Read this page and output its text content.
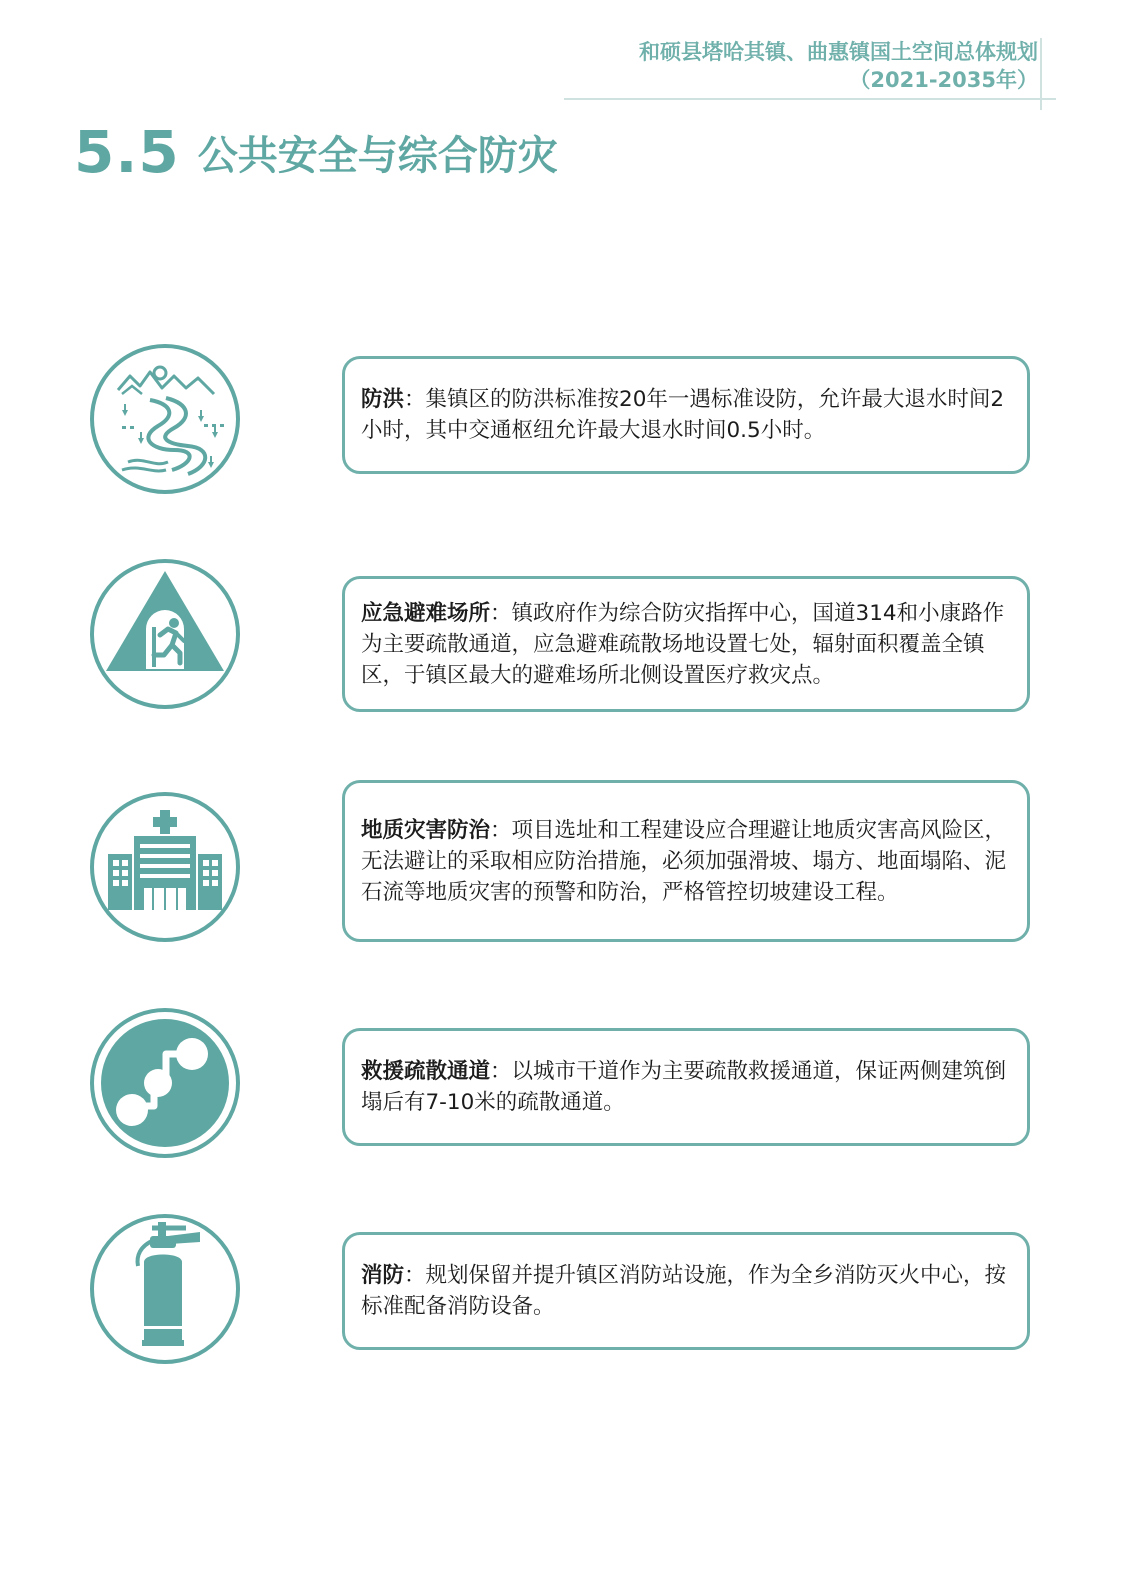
和硕县塔哈其镇、曲惠镇国土空间总体规划
（2021-2035年）
5.5 公共安全与综合防灾

防洪：集镇区的防洪标准按20年一遇标准设防，允许最大退水时间2小时，其中交通枢纽允许最大退水时间0.5小时。

应急避难场所：镇政府作为综合防灾指挥中心，国道314和小康路作为主要疏散通道，应急避难疏散场地设置七处，辐射面积覆盖全镇区，于镇区最大的避难场所北侧设置医疗救灾点。

地质灾害防治：项目选址和工程建设应合理避让地质灾害高风险区，无法避让的采取相应防治措施，必须加强滑坡、塌方、地面塌陷、泥石流等地质灾害的预警和防治，严格管控切坡建设工程。

救援疏散通道：以城市干道作为主要疏散救援通道，保证两侧建筑倒塌后有7-10米的疏散通道。

消防：规划保留并提升镇区消防站设施，作为全乡消防灭火中心，按标准配备消防设备。
